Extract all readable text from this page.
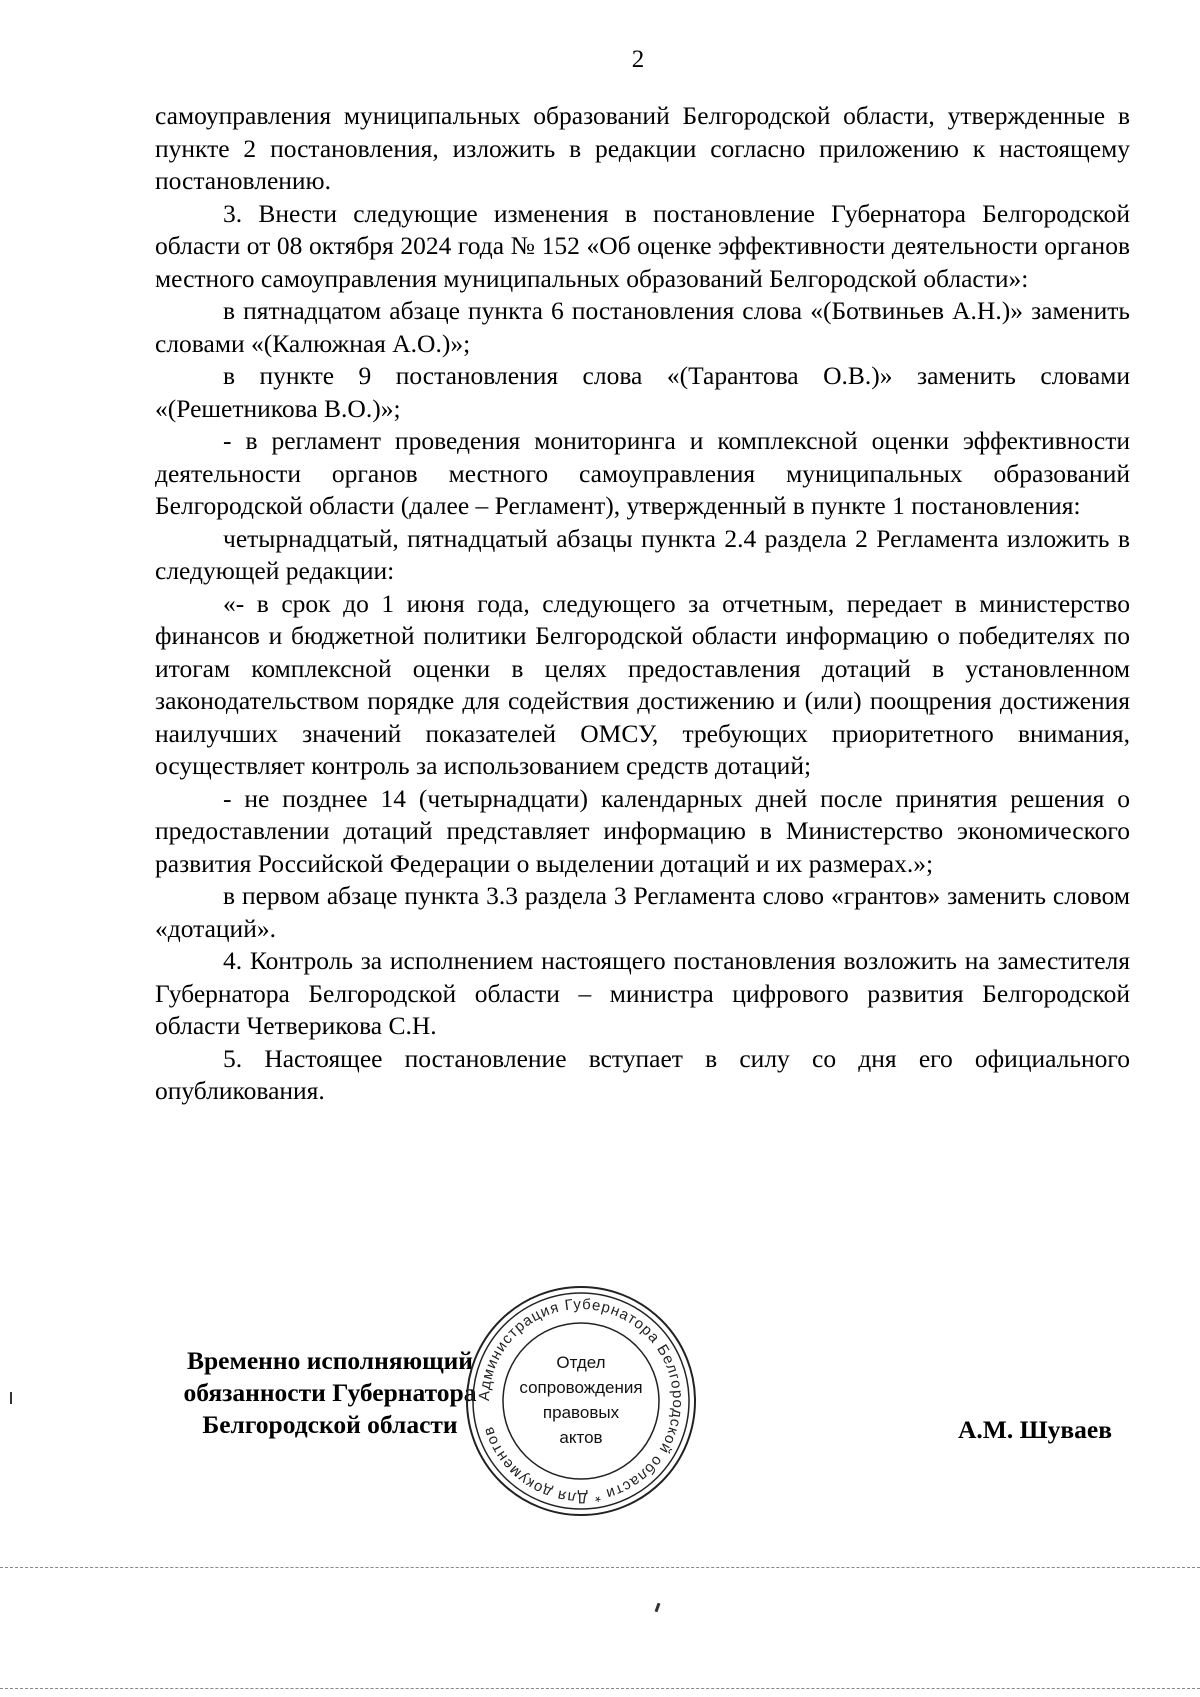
2

самоуправления муниципальных образований Белгородской области, утвержденные в пункте 2 постановления, изложить в редакции согласно приложению к настоящему постановлению.

3. Внести следующие изменения в постановление Губернатора Белгородской области от 08 октября 2024 года № 152 «Об оценке эффективности деятельности органов местного самоуправления муниципальных образований Белгородской области»:

в пятнадцатом абзаце пункта 6 постановления слова «(Ботвиньев А.Н.)» заменить словами «(Калюжная А.О.)»;

в пункте 9 постановления слова «(Тарантова О.В.)» заменить словами «(Решетникова В.О.)»;

- в регламент проведения мониторинга и комплексной оценки эффективности деятельности органов местного самоуправления муниципальных образований Белгородской области (далее – Регламент), утвержденный в пункте 1 постановления:

четырнадцатый, пятнадцатый абзацы пункта 2.4 раздела 2 Регламента изложить в следующей редакции:

«- в срок до 1 июня года, следующего за отчетным, передает в министерство финансов и бюджетной политики Белгородской области информацию о победителях по итогам комплексной оценки в целях предоставления дотаций в установленном законодательством порядке для содействия достижению и (или) поощрения достижения наилучших значений показателей ОМСУ, требующих приоритетного внимания, осуществляет контроль за использованием средств дотаций;

- не позднее 14 (четырнадцати) календарных дней после принятия решения о предоставлении дотаций представляет информацию в Министерство экономического развития Российской Федерации о выделении дотаций и их размерах.»;

в первом абзаце пункта 3.3 раздела 3 Регламента слово «грантов» заменить словом «дотаций».

4. Контроль за исполнением настоящего постановления возложить на заместителя Губернатора Белгородской области – министра цифрового развития Белгородской области Четверикова С.Н.

5. Настоящее постановление вступает в силу со дня его официального опубликования.

Временно исполняющий
обязанности Губернатора
Белгородской области
Администрация Губернатора Белгородской области * Для документов
Отдел
сопровождения
правовых
актов	А.М. Шуваев
